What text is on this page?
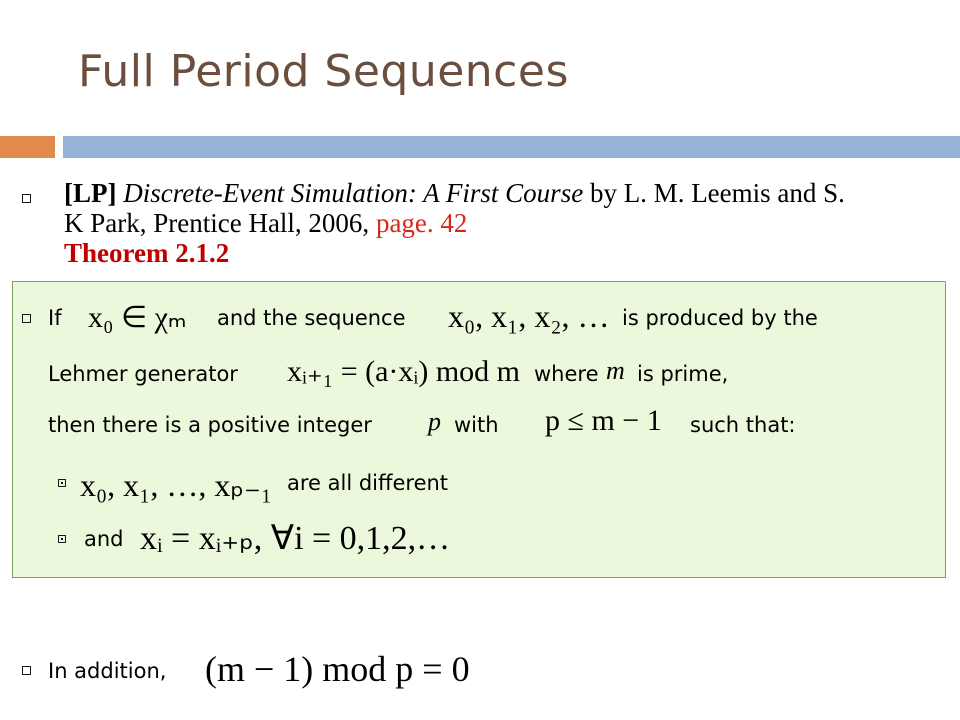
Full Period Sequences
[LP] Discrete-Event Simulation: A First Course by L. M. Leemis and S. K Park, Prentice Hall, 2006, page. 42
Theorem 2.1.2
If x₀ ∈ χₘ and the sequence x₀, x₁, x₂, … is produced by the
Lehmer generator xᵢ₊₁ = (a·xᵢ) mod m where m is prime,
then there is a positive integer p with p ≤ m − 1 such that:
x₀, x₁, …, xₚ₋₁ are all different
and xᵢ = xᵢ₊ₚ, ∀i = 0,1,2,…
In addition, (m − 1) mod p = 0
